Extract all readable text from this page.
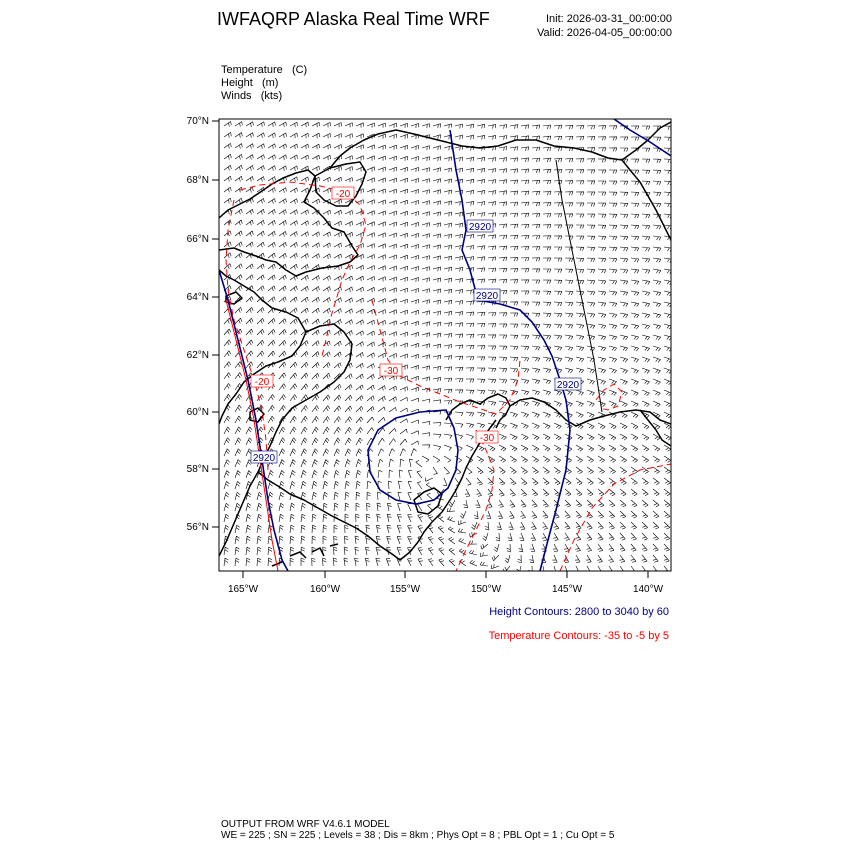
IWFAQRP Alaska Real Time WRF	Init: 2026-03-31_00:00:00
Valid: 2026-04-05_00:00:00
Temperature (C)
Height (m)
Winds (kts)
2920
2920
2920
2920
-20
-30
-20
-30
70°N
68°N
66°N
64°N
62°N
60°N
58°N
56°N
165°W	160°W	155°W	150°W	145°W	140°W
Height Contours: 2800 to 3040 by 60
Temperature Contours: -35 to -5 by 5
OUTPUT FROM WRF V4.6.1 MODEL
WE = 225 ; SN = 225 ; Levels = 38 ; Dis = 8km ; Phys Opt = 8 ; PBL Opt = 1 ; Cu Opt = 5
